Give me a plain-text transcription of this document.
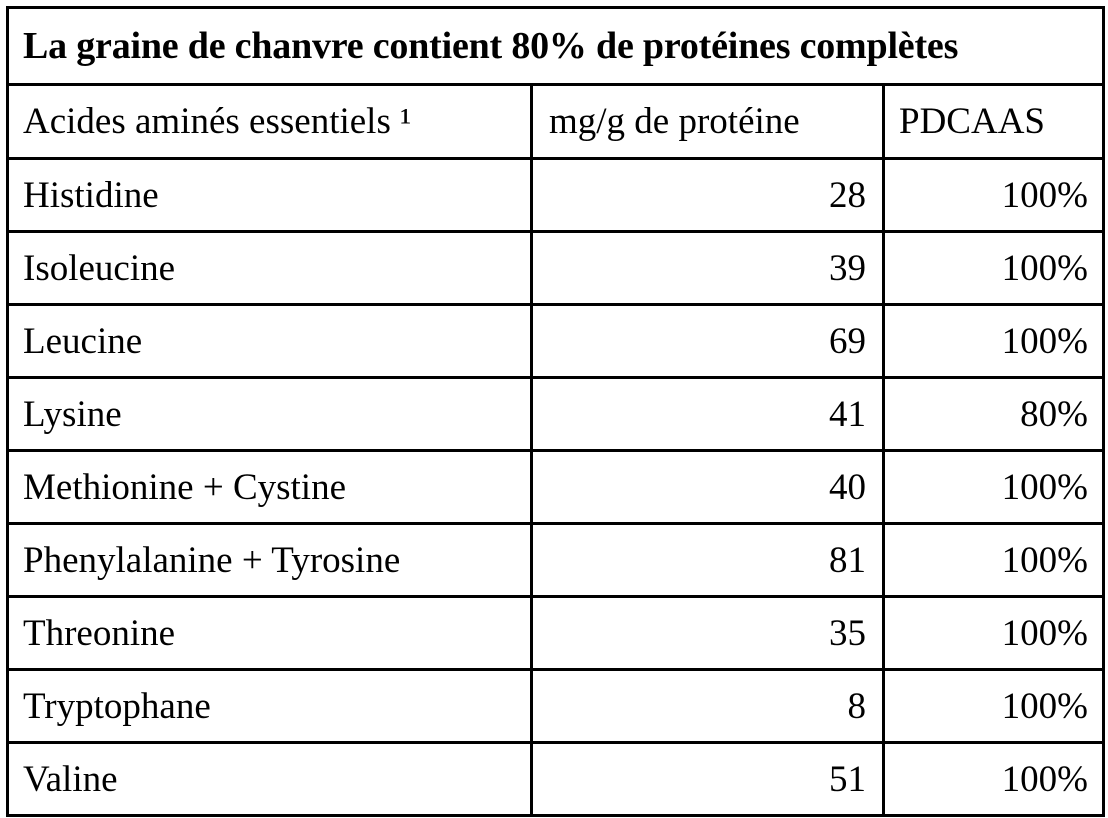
La graine de chanvre contient 80% de protéines complètes		
Acides aminés essentiels ¹	mg/g de protéine	PDCAAS
Histidine	28	100%
Isoleucine	39	100%
Leucine	69	100%
Lysine	41	80%
Methionine + Cystine	40	100%
Phenylalanine + Tyrosine	81	100%
Threonine	35	100%
Tryptophane	8	100%
Valine	51	100%
